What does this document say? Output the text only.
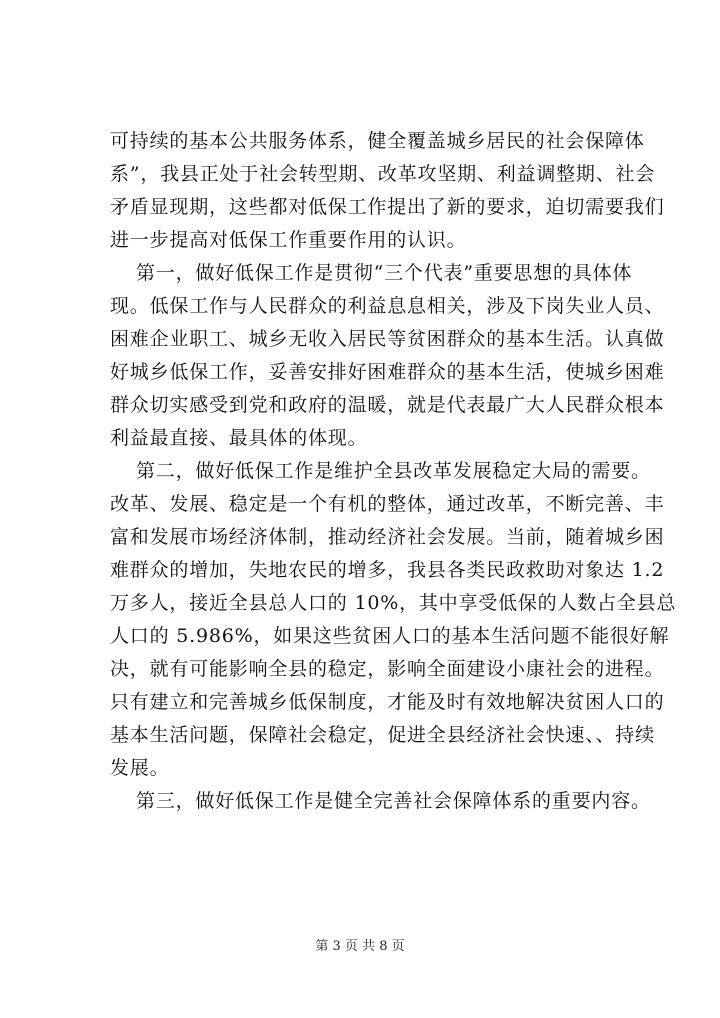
可持续的基本公共服务体系，健全覆盖城乡居民的社会保障体
系”，我县正处于社会转型期、改革攻坚期、利益调整期、社会
矛盾显现期，这些都对低保工作提出了新的要求，迫切需要我们
进一步提高对低保工作重要作用的认识。
第一，做好低保工作是贯彻“三个代表”重要思想的具体体
现。低保工作与人民群众的利益息息相关，涉及下岗失业人员、
困难企业职工、城乡无收入居民等贫困群众的基本生活。认真做
好城乡低保工作，妥善安排好困难群众的基本生活，使城乡困难
群众切实感受到党和政府的温暖，就是代表最广大人民群众根本
利益最直接、最具体的体现。
第二，做好低保工作是维护全县改革发展稳定大局的需要。
改革、发展、稳定是一个有机的整体，通过改革，不断完善、丰
富和发展市场经济体制，推动经济社会发展。当前，随着城乡困
难群众的增加，失地农民的增多，我县各类民政救助对象达 1.2
万多人，接近全县总人口的 10%，其中享受低保的人数占全县总
人口的 5.986%，如果这些贫困人口的基本生活问题不能很好解
决，就有可能影响全县的稳定，影响全面建设小康社会的进程。
只有建立和完善城乡低保制度，才能及时有效地解决贫困人口的
基本生活问题，保障社会稳定，促进全县经济社会快速、、持续
发展。
第三，做好低保工作是健全完善社会保障体系的重要内容。
第 3 页 共 8 页
